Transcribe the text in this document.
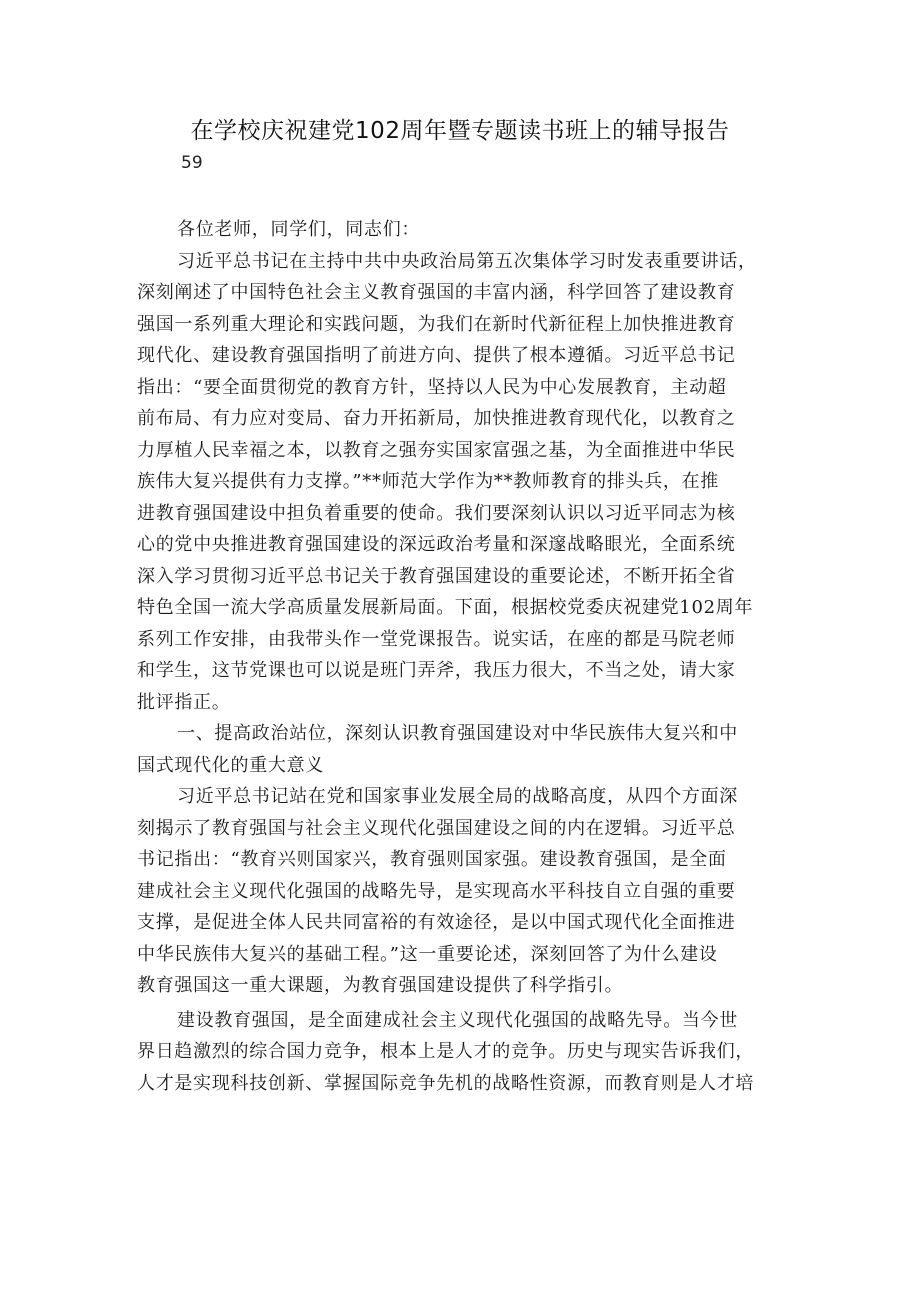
在学校庆祝建党102周年暨专题读书班上的辅导报告
59
各位老师，同学们，同志们：
习近平总书记在主持中共中央政治局第五次集体学习时发表重要讲话，
深刻阐述了中国特色社会主义教育强国的丰富内涵，科学回答了建设教育
强国一系列重大理论和实践问题，为我们在新时代新征程上加快推进教育
现代化、建设教育强国指明了前进方向、提供了根本遵循。习近平总书记
指出：“要全面贯彻党的教育方针，坚持以人民为中心发展教育，主动超
前布局、有力应对变局、奋力开拓新局，加快推进教育现代化，以教育之
力厚植人民幸福之本，以教育之强夯实国家富强之基，为全面推进中华民
族伟大复兴提供有力支撑。”**师范大学作为**教师教育的排头兵，在推
进教育强国建设中担负着重要的使命。我们要深刻认识以习近平同志为核
心的党中央推进教育强国建设的深远政治考量和深邃战略眼光，全面系统
深入学习贯彻习近平总书记关于教育强国建设的重要论述，不断开拓全省
特色全国一流大学高质量发展新局面。下面，根据校党委庆祝建党102周年
系列工作安排，由我带头作一堂党课报告。说实话，在座的都是马院老师
和学生，这节党课也可以说是班门弄斧，我压力很大，不当之处，请大家
批评指正。
一、提高政治站位，深刻认识教育强国建设对中华民族伟大复兴和中
国式现代化的重大意义
习近平总书记站在党和国家事业发展全局的战略高度，从四个方面深
刻揭示了教育强国与社会主义现代化强国建设之间的内在逻辑。习近平总
书记指出：“教育兴则国家兴，教育强则国家强。建设教育强国，是全面
建成社会主义现代化强国的战略先导，是实现高水平科技自立自强的重要
支撑，是促进全体人民共同富裕的有效途径，是以中国式现代化全面推进
中华民族伟大复兴的基础工程。”这一重要论述，深刻回答了为什么建设
教育强国这一重大课题，为教育强国建设提供了科学指引。
建设教育强国，是全面建成社会主义现代化强国的战略先导。当今世
界日趋激烈的综合国力竞争，根本上是人才的竞争。历史与现实告诉我们，
人才是实现科技创新、掌握国际竞争先机的战略性资源，而教育则是人才培
